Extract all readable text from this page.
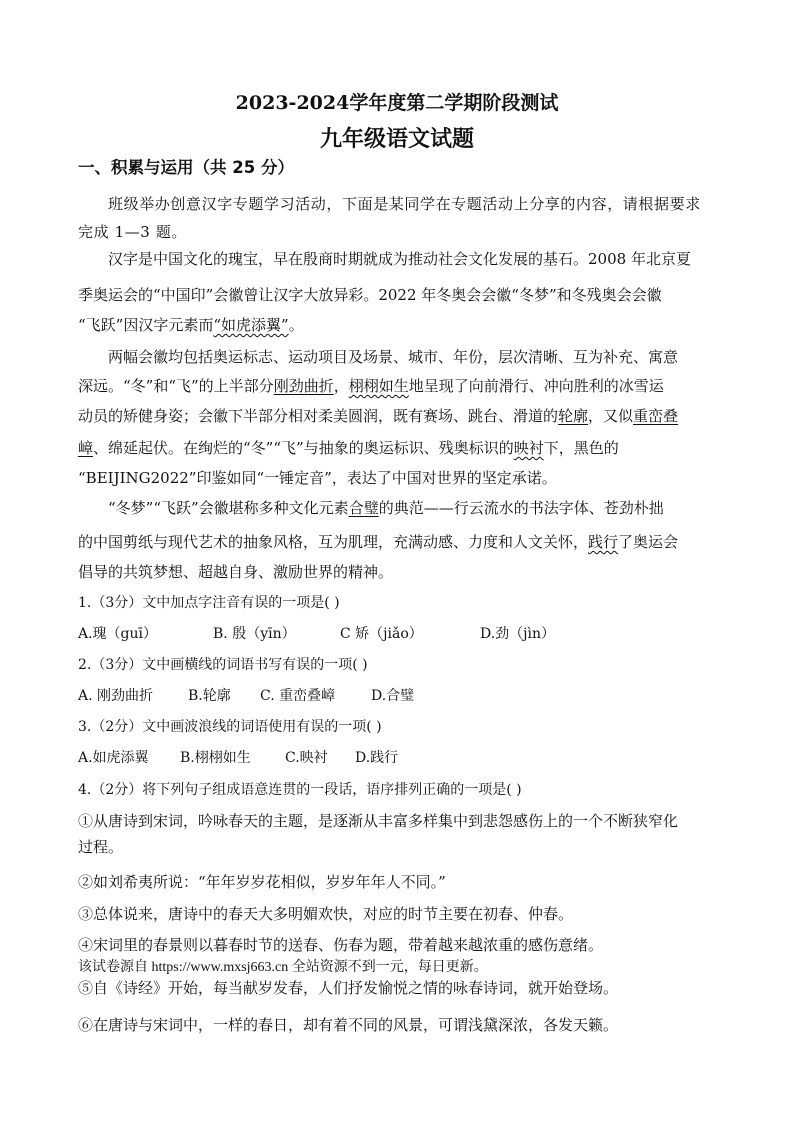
2023-2024学年度第二学期阶段测试
九年级语文试题
一、积累与运用（共 25 分）
班级举办创意汉字专题学习活动，下面是某同学在专题活动上分享的内容，请根据要求
完成 1—3 题。
汉字是中国文化的瑰宝，早在殷商时期就成为推动社会文化发展的基石。2008 年北京夏
季奥运会的“中国印”会徽曾让汉字大放异彩。2022 年冬奥会会徽“冬梦”和冬残奥会会徽
“飞跃”因汉字元素而“如虎添翼”。
两幅会徽均包括奥运标志、运动项目及场景、城市、年份，层次清晰、互为补充、寓意
深远。“冬”和“飞”的上半部分刚劲曲折，栩栩如生地呈现了向前滑行、冲向胜利的冰雪运
动员的矫健身姿；会徽下半部分相对柔美圆润，既有赛场、跳台、滑道的轮廓，又似重峦叠
嶂、绵延起伏。在绚烂的“冬”“飞”与抽象的奥运标识、残奥标识的映衬下，黑色的
“BEIJING2022”印鉴如同“一锤定音”，表达了中国对世界的坚定承诺。
“冬梦”“飞跃”会徽堪称多种文化元素合璧的典范——行云流水的书法字体、苍劲朴拙
的中国剪纸与现代艺术的抽象风格，互为肌理，充满动感、力度和人文关怀，践行了奥运会
倡导的共筑梦想、超越自身、激励世界的精神。
1.（3分）文中加点字注音有误的一项是( )
A.瑰（guī）	B. 殷（yīn）	C 矫（jiǎo）	D.劲（jìn）
2.（3分）文中画横线的词语书写有误的一项( )
A. 刚劲曲折 B.轮廓 C. 重峦叠嶂	D.合璧
3.（2分）文中画波浪线的词语使用有误的一项( )
A.如虎添翼 B.栩栩如生 C.映衬 D.践行
4.（2分）将下列句子组成语意连贯的一段话，语序排列正确的一项是( )
①从唐诗到宋词，吟咏春天的主题，是逐渐从丰富多样集中到悲怨感伤上的一个不断狭窄化
过程。
②如刘希夷所说：“年年岁岁花相似，岁岁年年人不同。”
③总体说来，唐诗中的春天大多明媚欢快，对应的时节主要在初春、仲春。
④宋词里的春景则以暮春时节的送春、伤春为题，带着越来越浓重的感伤意绪。
该试卷源自 https://www.mxsj663.cn 全站资源不到一元，每日更新。
⑤自《诗经》开始，每当献岁发春，人们抒发愉悦之情的咏春诗词，就开始登场。
⑥在唐诗与宋词中，一样的春日，却有着不同的风景，可谓浅黛深浓，各发天籁。
